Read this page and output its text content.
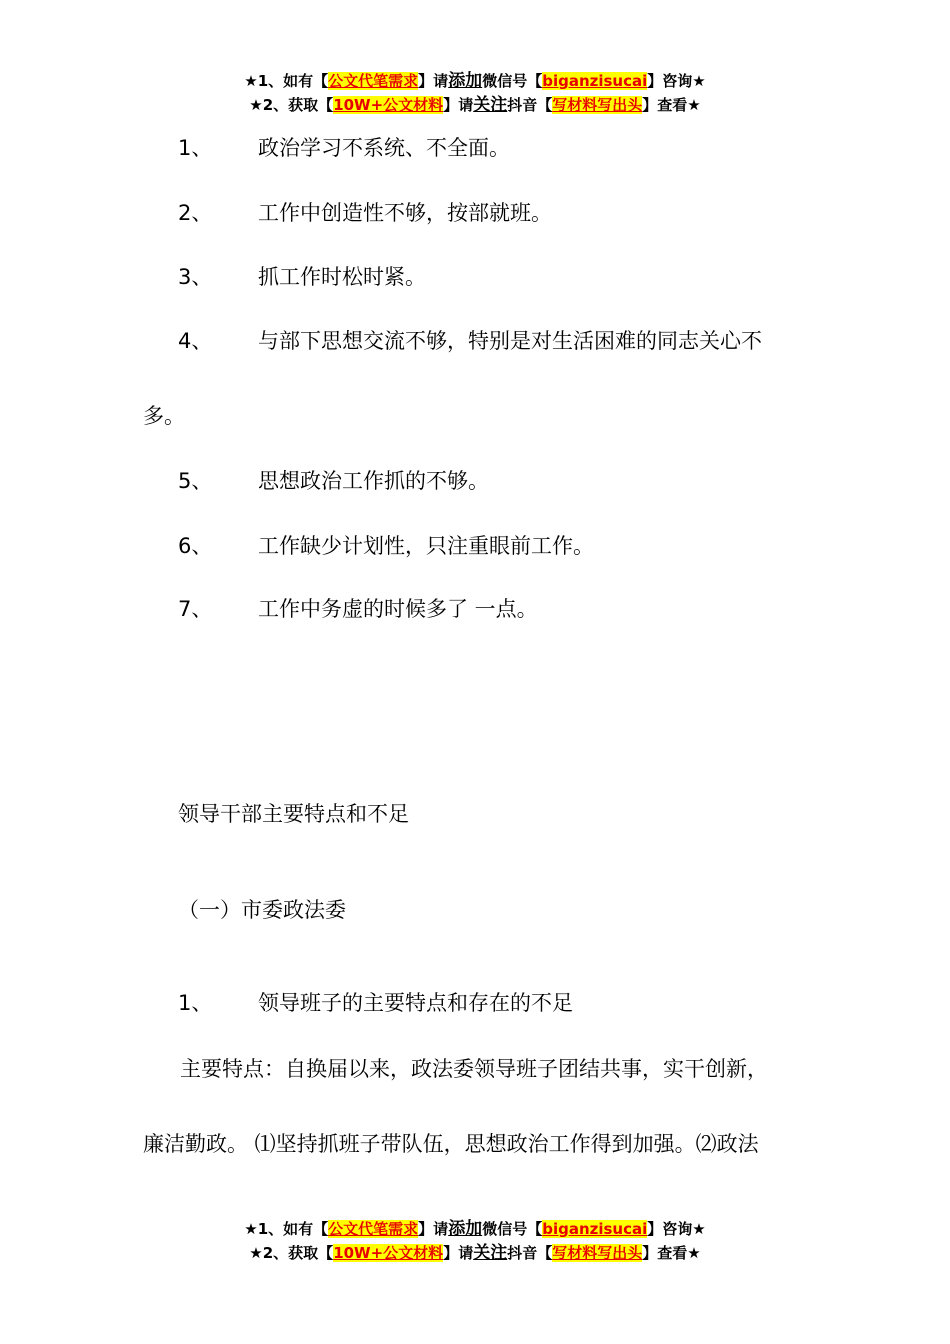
★1、如有【公文代笔需求】请添加微信号【biganzisucai】咨询★
★2、获取【10W+公文材料】请关注抖音【写材料写出头】查看★
1、 政治学习不系统、不全面。
2、 工作中创造性不够，按部就班。
3、 抓工作时松时紧。
4、 与部下思想交流不够，特别是对生活困难的同志关心不
多。
5、 思想政治工作抓的不够。
6、 工作缺少计划性，只注重眼前工作。
7、 工作中务虚的时候多了 一点。
领导干部主要特点和不足
（一）市委政法委
1、 领导班子的主要特点和存在的不足
主要特点：自换届以来，政法委领导班子团结共事，实干创新，
廉洁勤政。 ⑴坚持抓班子带队伍，思想政治工作得到加强。⑵政法
★1、如有【公文代笔需求】请添加微信号【biganzisucai】咨询★
★2、获取【10W+公文材料】请关注抖音【写材料写出头】查看★
